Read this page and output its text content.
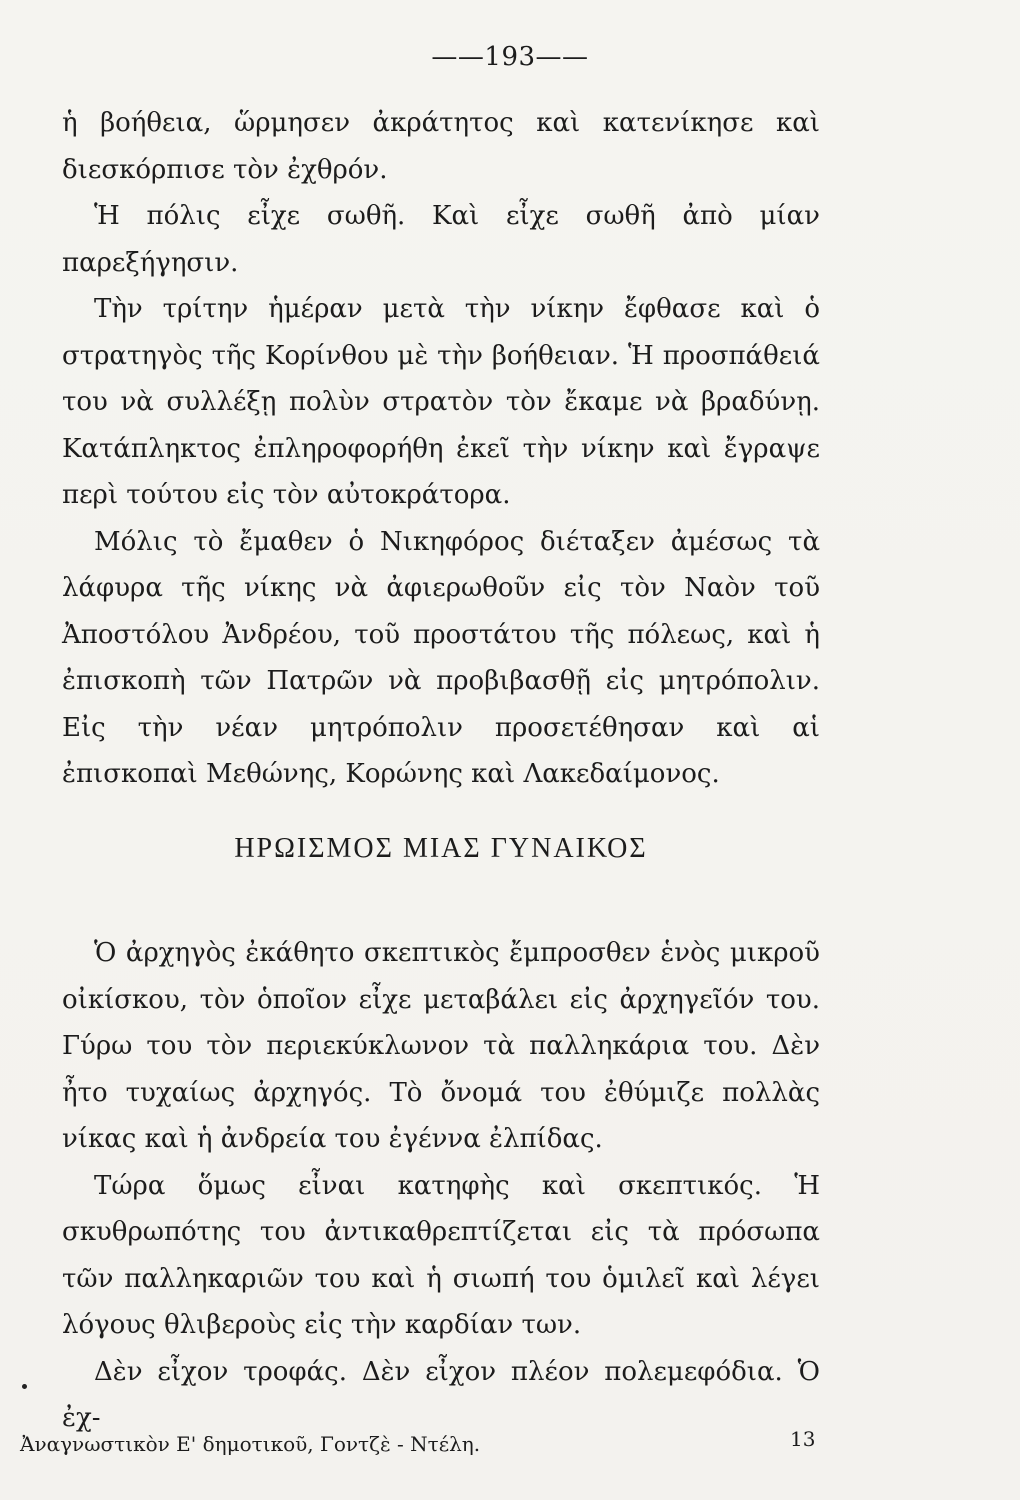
——193——

ἡ βοήθεια, ὥρμησεν ἀκράτητος καὶ κατενίκησε καὶ διεσκόρπισε τὸν ἐχθρόν.

Ἡ πόλις εἶχε σωθῆ. Καὶ εἶχε σωθῆ ἀπὸ μίαν παρεξήγησιν.

Τὴν τρίτην ἡμέραν μετὰ τὴν νίκην ἔφθασε καὶ ὁ στρατηγὸς τῆς Κορίνθου μὲ τὴν βοήθειαν. Ἡ προσπάθειά του νὰ συλλέξῃ πολὺν στρατὸν τὸν ἔκαμε νὰ βραδύνῃ. Κατάπληκτος ἐπληροφορήθη ἐκεῖ τὴν νίκην καὶ ἔγραψε περὶ τούτου εἰς τὸν αὐτοκράτορα.

Μόλις τὸ ἔμαθεν ὁ Νικηφόρος διέταξεν ἀμέσως τὰ λάφυρα τῆς νίκης νὰ ἀφιερωθοῦν εἰς τὸν Ναὸν τοῦ Ἀποστόλου Ἀνδρέου, τοῦ προστάτου τῆς πόλεως, καὶ ἡ ἐπισκοπὴ τῶν Πατρῶν νὰ προβιβασθῇ εἰς μητρόπολιν. Εἰς τὴν νέαν μητρόπολιν προσετέθησαν καὶ αἱ ἐπισκοπαὶ Μεθώνης, Κορώνης καὶ Λακεδαίμονος.

ΗΡΩΙΣΜΟΣ ΜΙΑΣ ΓΥΝΑΙΚΟΣ

Ὁ ἀρχηγὸς ἐκάθητο σκεπτικὸς ἔμπροσθεν ἑνὸς μικροῦ οἰκίσκου, τὸν ὁποῖον εἶχε μεταβάλει εἰς ἀρχηγεῖόν του. Γύρω του τὸν περιεκύκλωνον τὰ παλληκάρια του. Δὲν ἦτο τυχαίως ἀρχηγός. Τὸ ὄνομά του ἐθύμιζε πολλὰς νίκας καὶ ἡ ἀνδρεία του ἐγέννα ἐλπίδας.

Τώρα ὅμως εἶναι κατηφὴς καὶ σκεπτικός. Ἡ σκυθρωπότης του ἀντικαθρεπτίζεται εἰς τὰ πρόσωπα τῶν παλληκαριῶν του καὶ ἡ σιωπή του ὁμιλεῖ καὶ λέγει λόγους θλιβεροὺς εἰς τὴν καρδίαν των.

Δὲν εἶχον τροφάς. Δὲν εἶχον πλέον πολεμεφόδια. Ὁ ἐχ-

Ἀναγνωστικὸν Ε' δημοτικοῦ, Γοντζὲ - Ντέλη.	13
